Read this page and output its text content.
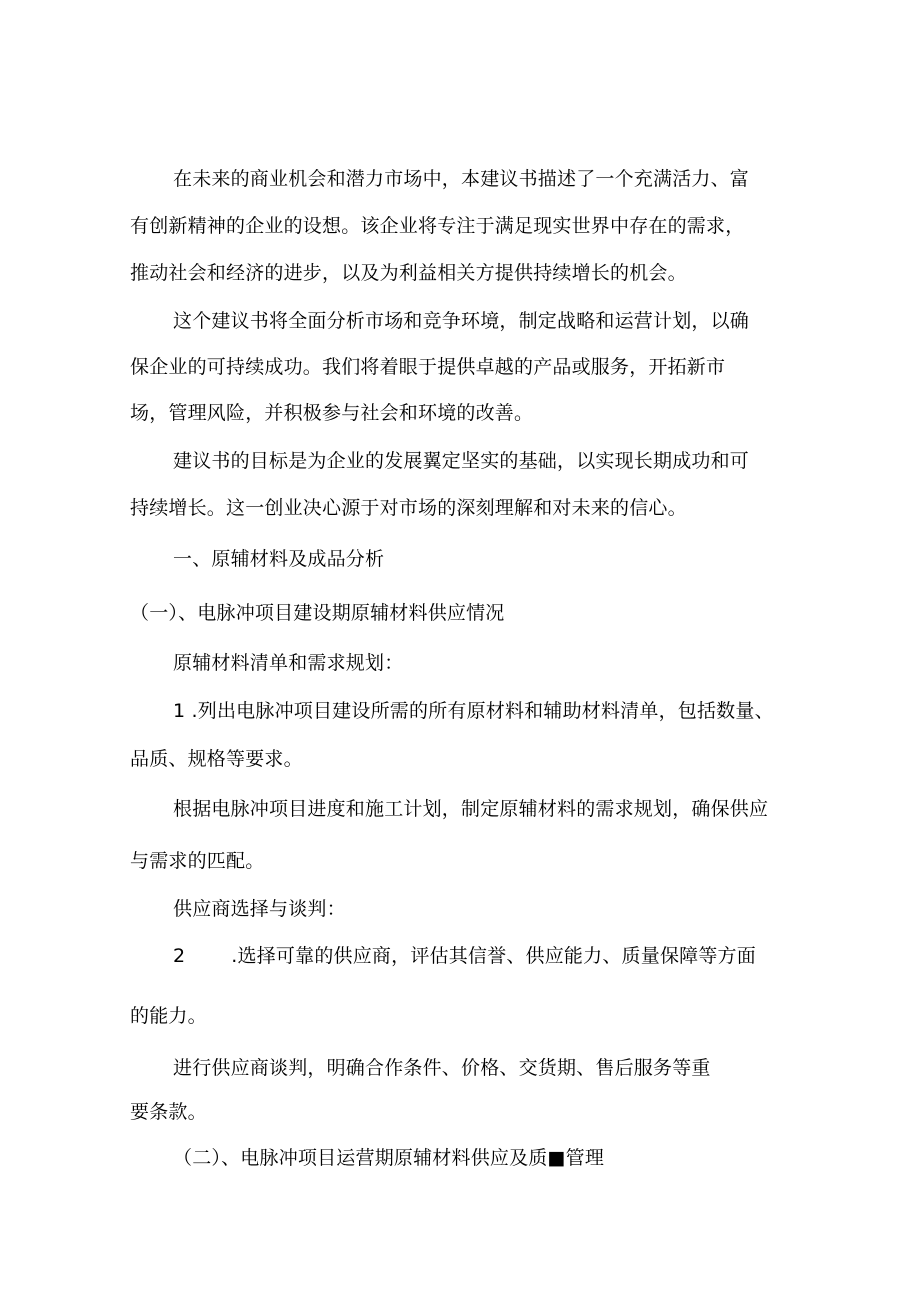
在未来的商业机会和潜力市场中，本建议书描述了一个充满活力、富
有创新精神的企业的设想。该企业将专注于满足现实世界中存在的需求，
推动社会和经济的进步，以及为利益相关方提供持续增长的机会。
这个建议书将全面分析市场和竞争环境，制定战略和运营计划，以确
保企业的可持续成功。我们将着眼于提供卓越的产品或服务，开拓新市
场，管理风险，并积极参与社会和环境的改善。
建议书的目标是为企业的发展翼定坚实的基础，以实现长期成功和可
持续增长。这一创业决心源于对市场的深刻理解和对未来的信心。
一、原辅材料及成品分析
（一）、电脉冲项目建设期原辅材料供应情况
原辅材料清单和需求规划：
1 .列出电脉冲项目建设所需的所有原材料和辅助材料清单，包括数量、
品质、规格等要求。
根据电脉冲项目进度和施工计划，制定原辅材料的需求规划，确保供应
与需求的匹配。
供应商选择与谈判：
2 .选择可靠的供应商，评估其信誉、供应能力、质量保障等方面
的能力。
进行供应商谈判，明确合作条件、价格、交货期、售后服务等重
要条款。
（二）、电脉冲项目运营期原辅材料供应及质■管理
